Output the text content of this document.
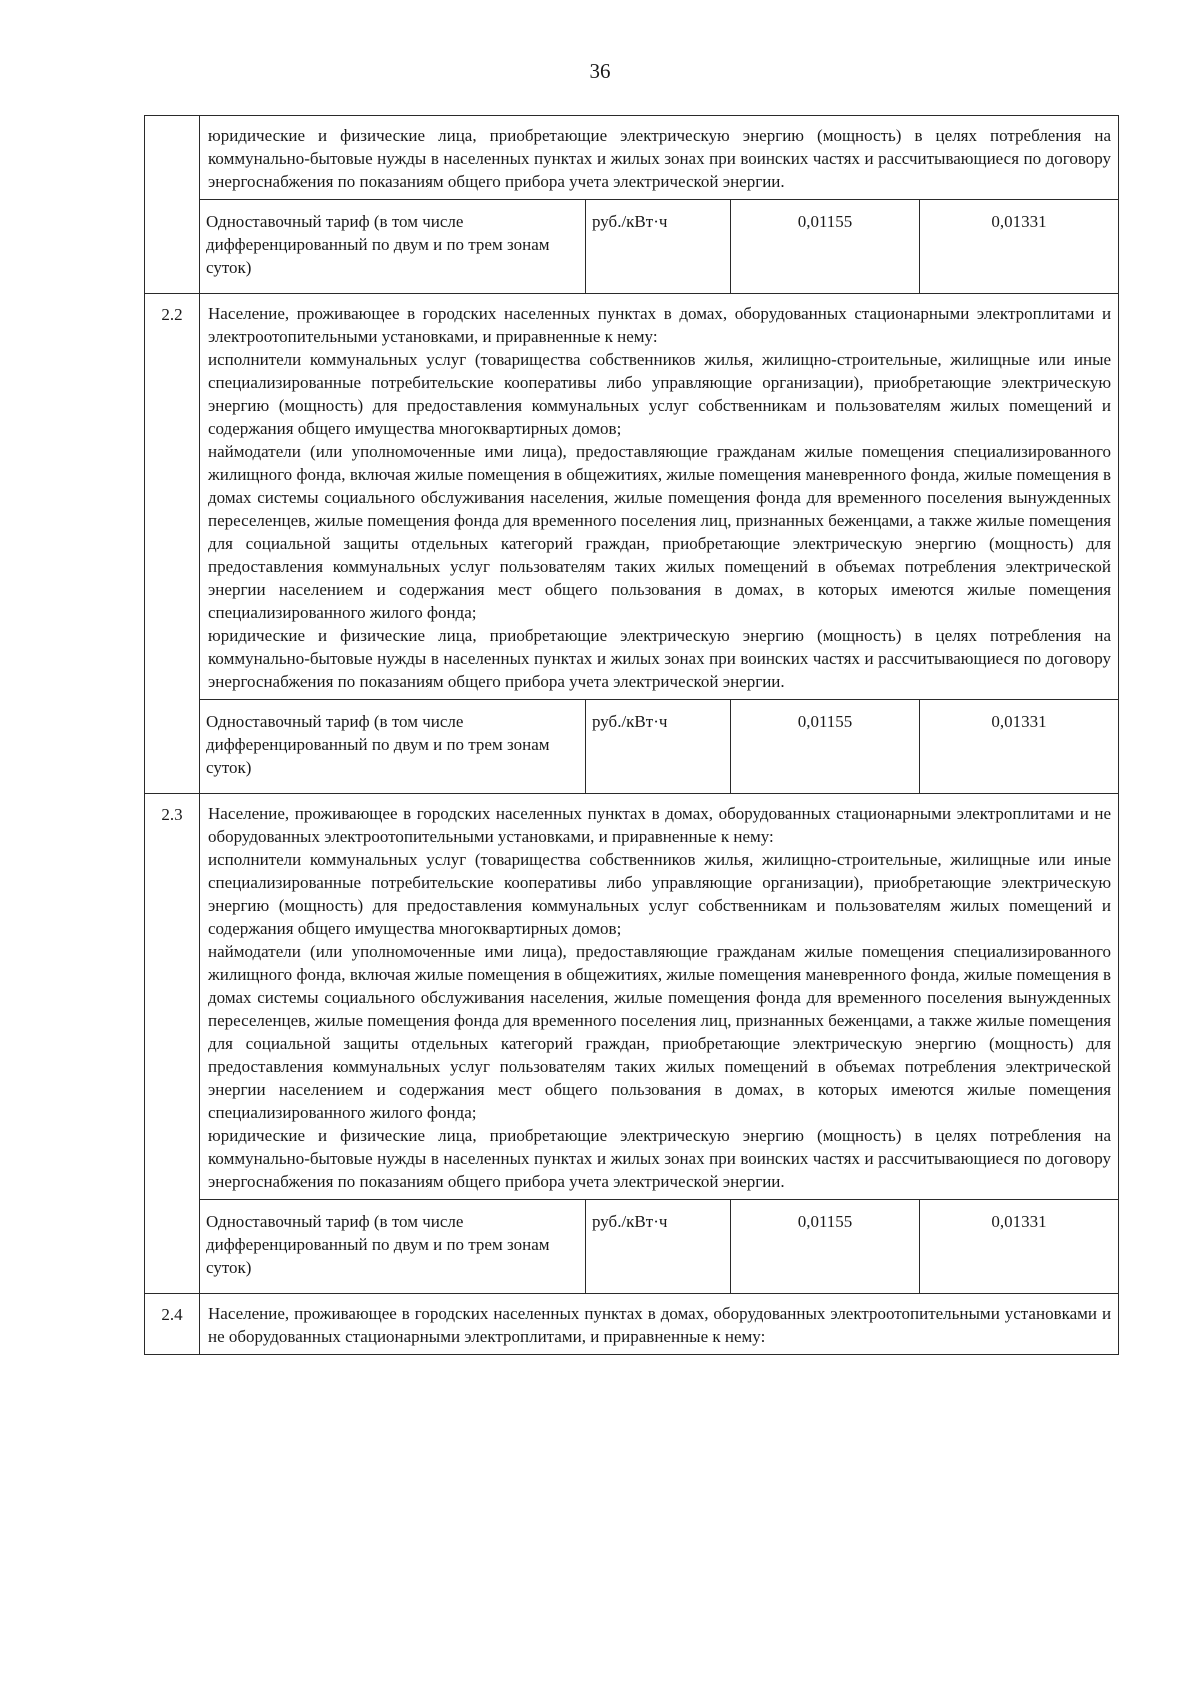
36

	юридические и физические лица, приобретающие электрическую энергию (мощность) в целях потребления на коммунально-бытовые нужды в населенных пунктах и жилых зонах при воинских частях и рассчитывающиеся по договору энергоснабжения по показаниям общего прибора учета электрической энергии.			

	Одноставочный тариф (в том числе дифференцированный по двум и по трем зонам суток)	руб./кВт·ч	0,01155	0,01331
2.2	Население, проживающее в городских населенных пунктах в домах, оборудованных стационарными электроплитами и электроотопительными установками, и приравненные к нему:

исполнители коммунальных услуг (товарищества собственников жилья, жилищно-строительные, жилищные или иные специализированные потребительские кооперативы либо управляющие организации), приобретающие электрическую энергию (мощность) для предоставления коммунальных услуг собственникам и пользователям жилых помещений и содержания общего имущества многоквартирных домов;

наймодатели (или уполномоченные ими лица), предоставляющие гражданам жилые помещения специализированного жилищного фонда, включая жилые помещения в общежитиях, жилые помещения маневренного фонда, жилые помещения в домах системы социального обслуживания населения, жилые помещения фонда для временного поселения вынужденных переселенцев, жилые помещения фонда для временного поселения лиц, признанных беженцами, а также жилые помещения для социальной защиты отдельных категорий граждан, приобретающие электрическую энергию (мощность) для предоставления коммунальных услуг пользователям таких жилых помещений в объемах потребления электрической энергии населением и содержания мест общего пользования в домах, в которых имеются жилые помещения специализированного жилого фонда;

юридические и физические лица, приобретающие электрическую энергию (мощность) в целях потребления на коммунально-бытовые нужды в населенных пунктах и жилых зонах при воинских частях и рассчитывающиеся по договору энергоснабжения по показаниям общего прибора учета электрической энергии.			

	Одноставочный тариф (в том числе дифференцированный по двум и по трем зонам суток)	руб./кВт·ч	0,01155	0,01331
2.3	Население, проживающее в городских населенных пунктах в домах, оборудованных стационарными электроплитами и не оборудованных электроотопительными установками, и приравненные к нему:

исполнители коммунальных услуг (товарищества собственников жилья, жилищно-строительные, жилищные или иные специализированные потребительские кооперативы либо управляющие организации), приобретающие электрическую энергию (мощность) для предоставления коммунальных услуг собственникам и пользователям жилых помещений и содержания общего имущества многоквартирных домов;

наймодатели (или уполномоченные ими лица), предоставляющие гражданам жилые помещения специализированного жилищного фонда, включая жилые помещения в общежитиях, жилые помещения маневренного фонда, жилые помещения в домах системы социального обслуживания населения, жилые помещения фонда для временного поселения вынужденных переселенцев, жилые помещения фонда для временного поселения лиц, признанных беженцами, а также жилые помещения для социальной защиты отдельных категорий граждан, приобретающие электрическую энергию (мощность) для предоставления коммунальных услуг пользователям таких жилых помещений в объемах потребления электрической энергии населением и содержания мест общего пользования в домах, в которых имеются жилые помещения специализированного жилого фонда;

юридические и физические лица, приобретающие электрическую энергию (мощность) в целях потребления на коммунально-бытовые нужды в населенных пунктах и жилых зонах при воинских частях и рассчитывающиеся по договору энергоснабжения по показаниям общего прибора учета электрической энергии.			

	Одноставочный тариф (в том числе дифференцированный по двум и по трем зонам суток)	руб./кВт·ч	0,01155	0,01331
2.4	Население, проживающее в городских населенных пунктах в домах, оборудованных электроотопительными установками и не оборудованных стационарными электроплитами, и приравненные к нему:			
